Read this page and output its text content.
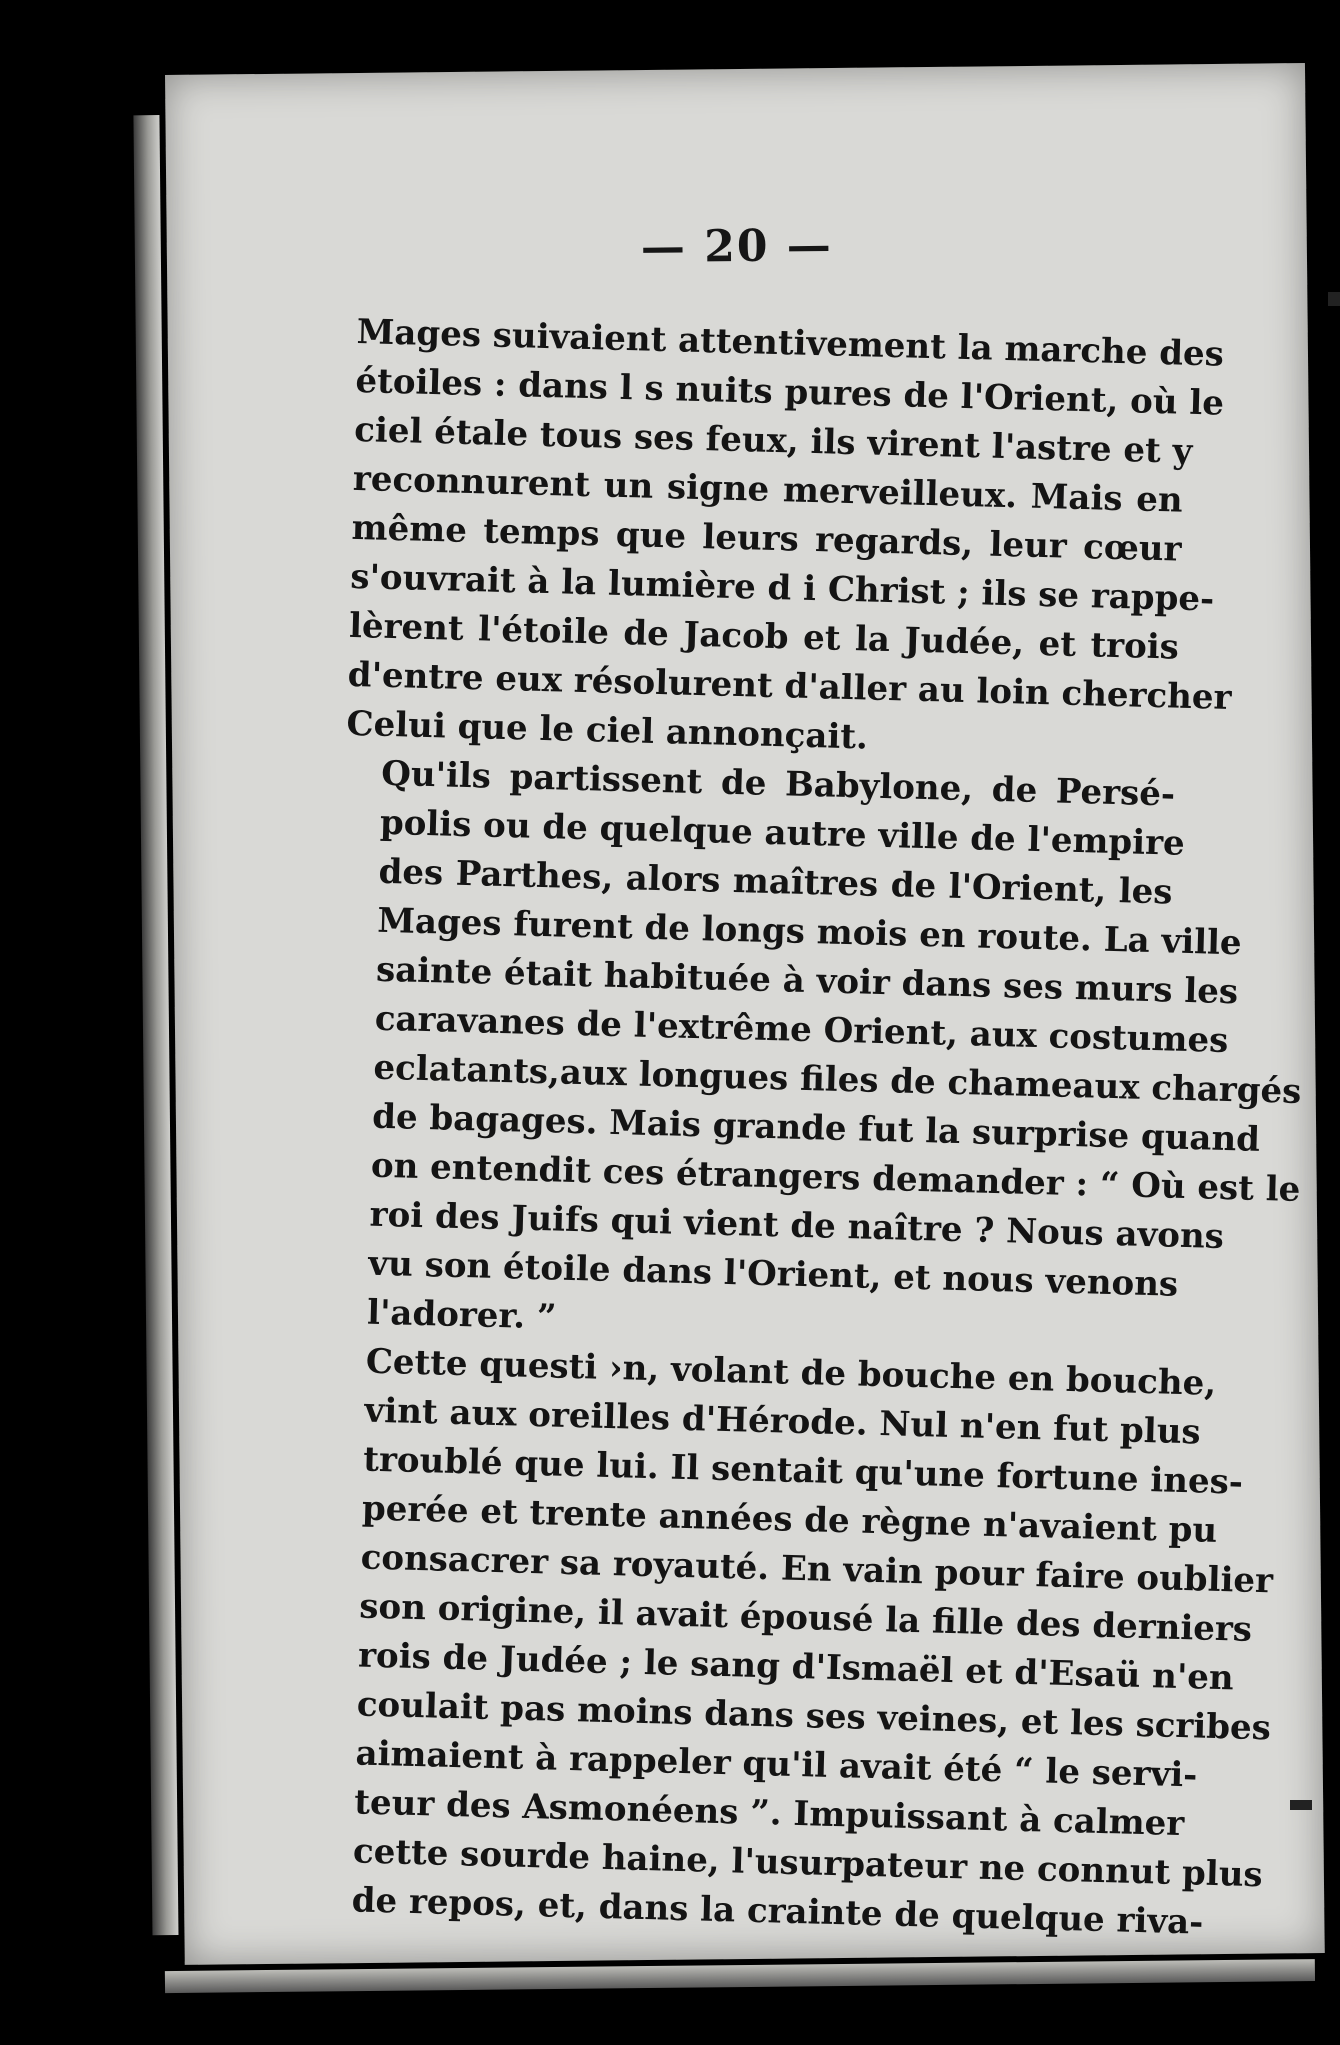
— 20 —

Mages suivaient attentivement la marche des
étoiles : dans l s nuits pures de l'Orient, où le
ciel étale tous ses feux, ils virent l'astre et y
reconnurent un signe merveilleux. Mais en
même temps que leurs regards, leur cœur
s'ouvrait à la lumière d i Christ ; ils se rappe-
lèrent l'étoile de Jacob et la Judée, et trois
d'entre eux résolurent d'aller au loin chercher
Celui que le ciel annonçait.

Qu'ils partissent de Babylone, de Persé-
polis ou de quelque autre ville de l'empire
des Parthes, alors maîtres de l'Orient, les
Mages furent de longs mois en route. La ville
sainte était habituée à voir dans ses murs les
caravanes de l'extrême Orient, aux costumes
eclatants,aux longues files de chameaux chargés
de bagages. Mais grande fut la surprise quand
on entendit ces étrangers demander : “ Où est le
roi des Juifs qui vient de naître ? Nous avons
vu son étoile dans l'Orient, et nous venons
l'adorer. ”

Cette questi ›n, volant de bouche en bouche,
vint aux oreilles d'Hérode. Nul n'en fut plus
troublé que lui. Il sentait qu'une fortune ines-
perée et trente années de règne n'avaient pu
consacrer sa royauté. En vain pour faire oublier
son origine, il avait épousé la fille des derniers
rois de Judée ; le sang d'Ismaël et d'Esaü n'en
coulait pas moins dans ses veines, et les scribes
aimaient à rappeler qu'il avait été “ le servi-
teur des Asmonéens ”. Impuissant à calmer
cette sourde haine, l'usurpateur ne connut plus
de repos, et, dans la crainte de quelque riva-
